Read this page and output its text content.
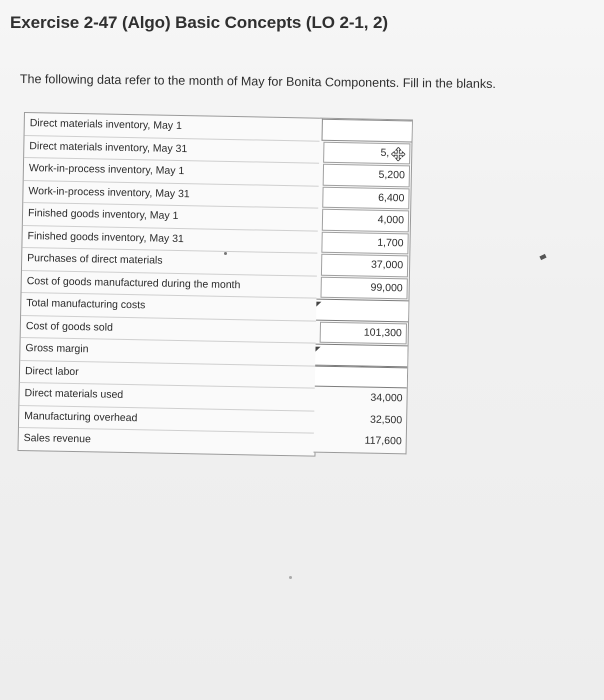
Exercise 2-47 (Algo) Basic Concepts (LO 2-1, 2)
The following data refer to the month of May for Bonita Components. Fill in the blanks.
Direct materials inventory, May 1
Direct materials inventory, May 31
Work-in-process inventory, May 1
Work-in-process inventory, May 31
Finished goods inventory, May 1
Finished goods inventory, May 31
Purchases of direct materials
Cost of goods manufactured during the month
Total manufacturing costs
Cost of goods sold
Gross margin
Direct labor
Direct materials used
Manufacturing overhead
Sales revenue
5,
5,200
6,400
4,000
1,700
37,000
99,000
101,300
34,000
32,500
117,600
